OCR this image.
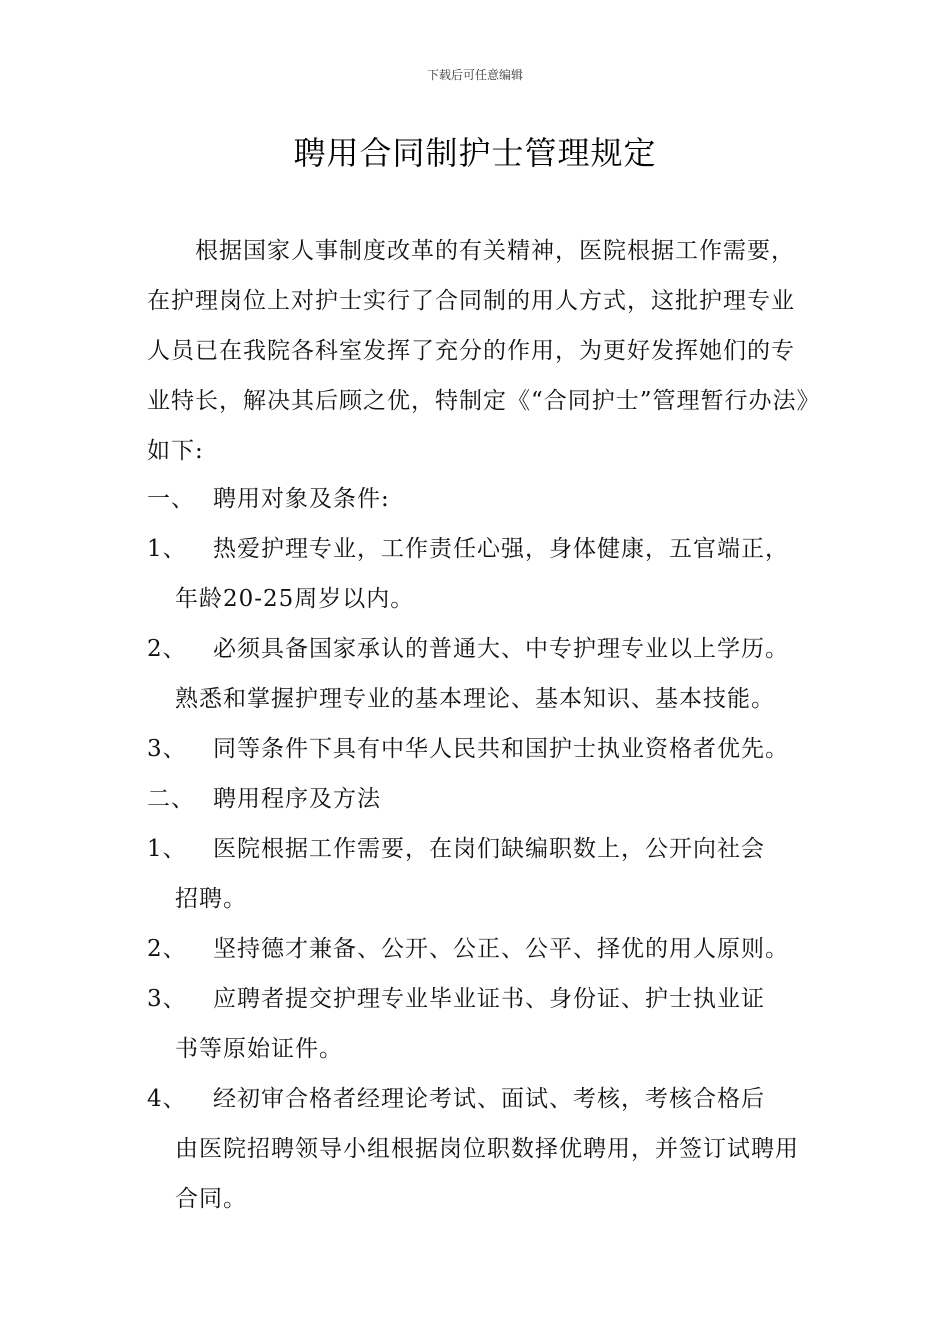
下载后可任意编辑
聘用合同制护士管理规定
根据国家人事制度改革的有关精神，医院根据工作需要，在护理岗位上对护士实行了合同制的用人方式，这批护理专业人员已在我院各科室发挥了充分的作用，为更好发挥她们的专业特长，解决其后顾之优，特制定《“合同护士”管理暂行办法》如下:
一、 聘用对象及条件:
1、	热爱护理专业，工作责任心强，身体健康，五官端正，
年龄20-25周岁以内。
2、	必须具备国家承认的普通大、中专护理专业以上学历。
熟悉和掌握护理专业的基本理论、基本知识、基本技能。
3、	同等条件下具有中华人民共和国护士执业资格者优先。
二、 聘用程序及方法
1、	医院根据工作需要，在岗们缺编职数上，公开向社会
招聘。
2、	坚持德才兼备、公开、公正、公平、择优的用人原则。
3、	应聘者提交护理专业毕业证书、身份证、护士执业证
书等原始证件。
4、	经初审合格者经理论考试、面试、考核，考核合格后
由医院招聘领导小组根据岗位职数择优聘用，并签订试聘用合同。
